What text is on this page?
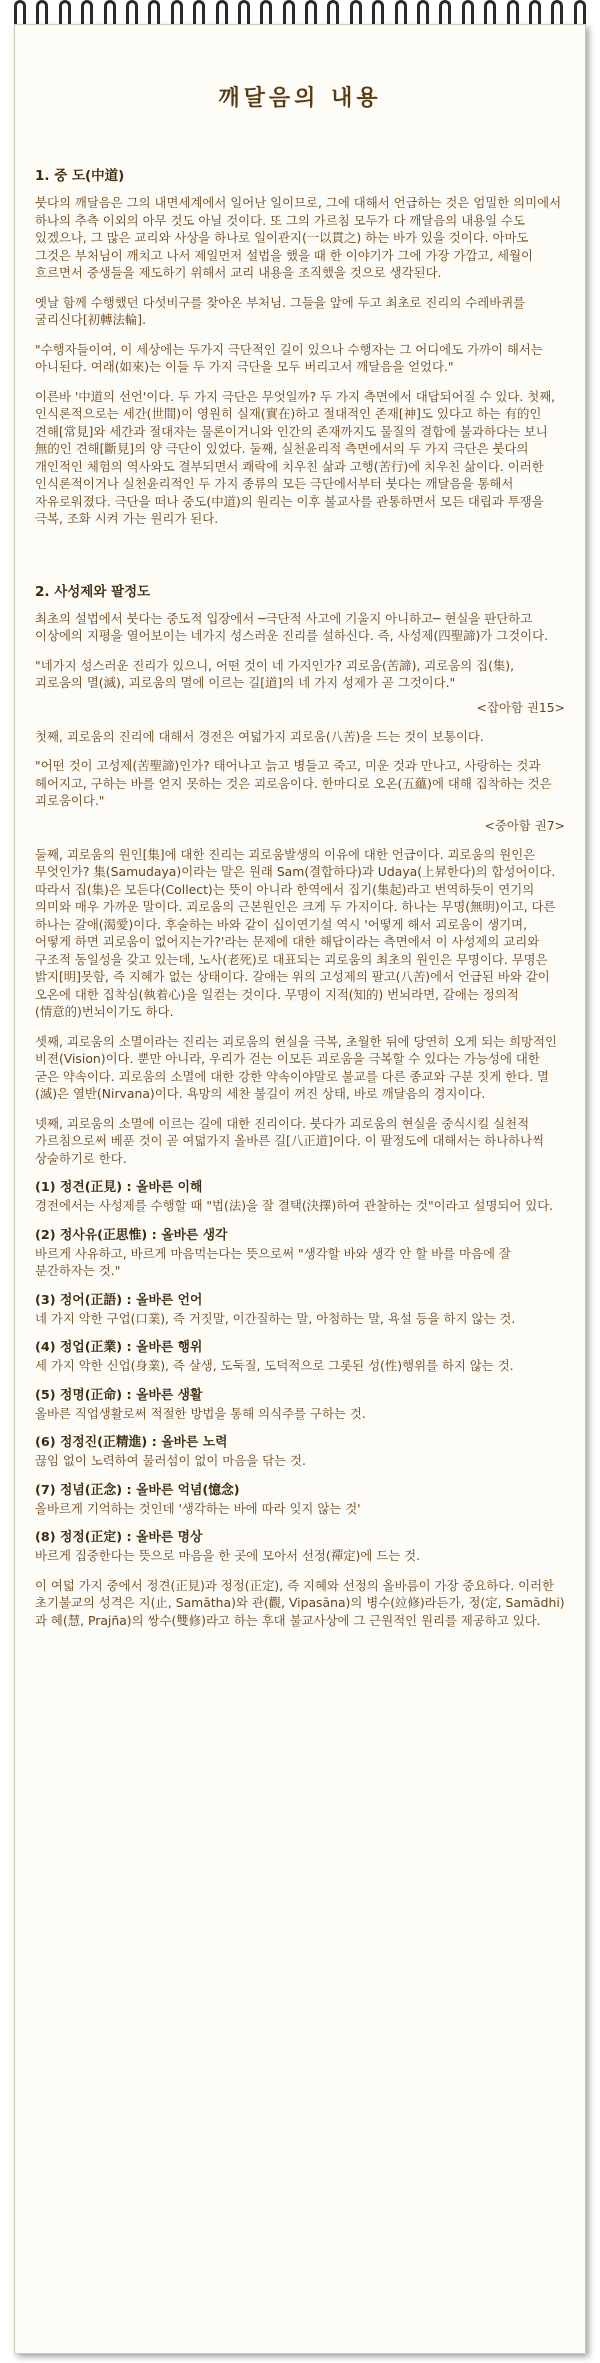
깨달음의 내용
1. 중 도(中道)

붓다의 깨달음은 그의 내면세계에서 일어난 일이므로, 그에 대해서 언급하는 것은 엄밀한 의미에서 하나의 추측 이외의 아무 것도 아닐 것이다. 또 그의 가르침 모두가 다 깨달음의 내용일 수도 있겠으나, 그 많은 교리와 사상을 하나로 일이관지(一以貫之) 하는 바가 있을 것이다. 아마도 그것은 부처님이 깨치고 나서 제일먼저 설법을 했을 때 한 이야기가 그에 가장 가깝고, 세월이 흐르면서 중생들을 제도하기 위해서 교리 내용을 조직했을 것으로 생각된다.

옛날 함께 수행했던 다섯비구를 찾아온 부처님. 그들을 앞에 두고 최초로 진리의 수레바퀴를 굴리신다[初轉法輪].

"수행자들이여, 이 세상에는 두가지 극단적인 길이 있으나 수행자는 그 어디에도 가까이 해서는 아니된다. 여래(如來)는 이들 두 가지 극단을 모두 버리고서 깨달음을 얻었다."

이른바 '中道의 선언'이다. 두 가지 극단은 무엇일까? 두 가지 측면에서 대답되어질 수 있다. 첫째, 인식론적으로는 세간(世間)이 영원히 실재(實在)하고 절대적인 존재[神]도 있다고 하는 有的인 견해[常見]와 세간과 절대자는 물론이거니와 인간의 존재까지도 물질의 결합에 불과하다는 보니 無的인 견해[斷見]의 양 극단이 있었다. 둘째, 실천윤리적 측면에서의 두 가지 극단은 붓다의 개인적인 체험의 역사와도 결부되면서 쾌락에 치우친 삶과 고행(苦行)에 치우친 삶이다. 이러한 인식론적이거나 실천윤리적인 두 가지 종류의 모든 극단에서부터 붓다는 깨달음을 통해서 자유로워졌다. 극단을 떠나 중도(中道)의 원리는 이후 불교사를 관통하면서 모든 대립과 투쟁을 극복, 조화 시켜 가는 원리가 된다.

2. 사성제와 팔정도

최초의 설법에서 붓다는 중도적 입장에서 ─극단적 사고에 기울지 아니하고─ 현실을 판단하고 이상에의 지평을 열어보이는 네가지 성스러운 진리를 설하신다. 즉, 사성제(四聖諦)가 그것이다.

"네가지 성스러운 진리가 있으니, 어떤 것이 네 가지인가? 괴로움(苦諦), 괴로움의 집(集), 괴로움의 멸(滅), 괴로움의 멸에 이르는 길[道]의 네 가지 성제가 곧 그것이다."

<잡아함 권15>

첫째, 괴로움의 진리에 대해서 경전은 여덟가지 괴로움(八苦)을 드는 것이 보통이다.

"어떤 것이 고성제(苦聖諦)인가? 태어나고 늙고 병들고 죽고, 미운 것과 만나고, 사랑하는 것과 헤어지고, 구하는 바를 얻지 못하는 것은 괴로움이다. 한마디로 오온(五蘊)에 대해 집착하는 것은 괴로움이다."

<중아함 권7>

둘째, 괴로움의 원인[集]에 대한 진리는 괴로움발생의 이유에 대한 언급이다. 괴로움의 원인은 무엇인가? 集(Samudaya)이라는 말은 원래 Sam(결합하다)과 Udaya(上昇한다)의 합성어이다. 따라서 집(集)은 모든다(Collect)는 뜻이 아니라 한역에서 집기(集起)라고 번역하듯이 연기의 의미와 매우 가까운 말이다. 괴로움의 근본원인은 크게 두 가지이다. 하나는 무명(無明)이고, 다른 하나는 갈애(渴愛)이다. 후술하는 바와 같이 십이연기설 역시 '어떻게 해서 괴로움이 생기며, 어떻게 하면 괴로움이 없어지는가?'라는 문제에 대한 해답이라는 측면에서 이 사성제의 교리와 구조적 동일성을 갖고 있는데, 노사(老死)로 대표되는 괴로움의 최초의 원인은 무명이다. 무명은 밝지[明]못함, 즉 지혜가 없는 상태이다. 갈애는 위의 고성제의 팔고(八苦)에서 언급된 바와 같이 오온에 대한 집착심(執着心)을 일컫는 것이다. 무명이 지적(知的) 번뇌라면, 갈애는 정의적(情意的)번뇌이기도 하다.

셋째, 괴로움의 소멸이라는 진리는 괴로움의 현실을 극복, 초월한 뒤에 당연히 오게 되는 희망적인 비젼(Vision)이다. 뿐만 아니라, 우리가 걷는 이모든 괴로움을 극복할 수 있다는 가능성에 대한 굳은 약속이다. 괴로움의 소멸에 대한 강한 약속이야말로 불교를 다른 종교와 구분 짓게 한다. 멸(滅)은 열반(Nirvana)이다. 욕망의 세찬 불길이 꺼진 상태, 바로 깨달음의 경지이다.

넷째, 괴로움의 소멸에 이르는 길에 대한 진리이다. 붓다가 괴로움의 현실을 중식시킬 실천적 가르침으로써 베푼 것이 곧 여덟가지 올바른 길[八正道]이다. 이 팔정도에 대해서는 하나하나씩 상술하기로 한다.

(1) 정견(正見) : 올바른 이해
경전에서는 사성제를 수행할 때 "법(法)을 잘 결택(決擇)하여 관찰하는 것"이라고 설명되어 있다.
(2) 정사유(正思惟) : 올바른 생각
바르게 사유하고, 바르게 마음먹는다는 뜻으로써 "생각할 바와 생각 안 할 바를 마음에 잘 분간하자는 것."
(3) 정어(正語) : 올바른 언어
네 가지 악한 구업(口業), 즉 거짓말, 이간질하는 말, 아첨하는 말, 욕설 등을 하지 않는 것.
(4) 정업(正業) : 올바른 행위
세 가지 악한 신업(身業), 즉 살생, 도둑질, 도덕적으로 그롯된 성(性)행위를 하지 않는 것.
(5) 정명(正命) : 올바른 생활
올바른 직업생활로써 적절한 방법을 통해 의식주를 구하는 것.
(6) 정정진(正精進) : 올바른 노력
끊임 없이 노력하여 물러섬이 없이 마음을 닦는 것.
(7) 정념(正念) : 올바른 억념(憶念)
올바르게 기억하는 것인데 '생각하는 바에 따라 잊지 않는 것'
(8) 정정(正定) : 올바른 명상
바르게 집중한다는 뜻으로 마음을 한 곳에 모아서 선정(禪定)에 드는 것.

이 여덟 가지 중에서 정견(正見)과 정정(正定), 즉 지혜와 선정의 올바름이 가장 중요하다. 이러한 초기불교의 성격은 지(止, Samātha)와 관(觀, Vipasāna)의 병수(竝修)라든가, 정(定, Samādhi)과 혜(慧, Prajña)의 쌍수(雙修)라고 하는 후대 불교사상에 그 근원적인 원리를 제공하고 있다.
